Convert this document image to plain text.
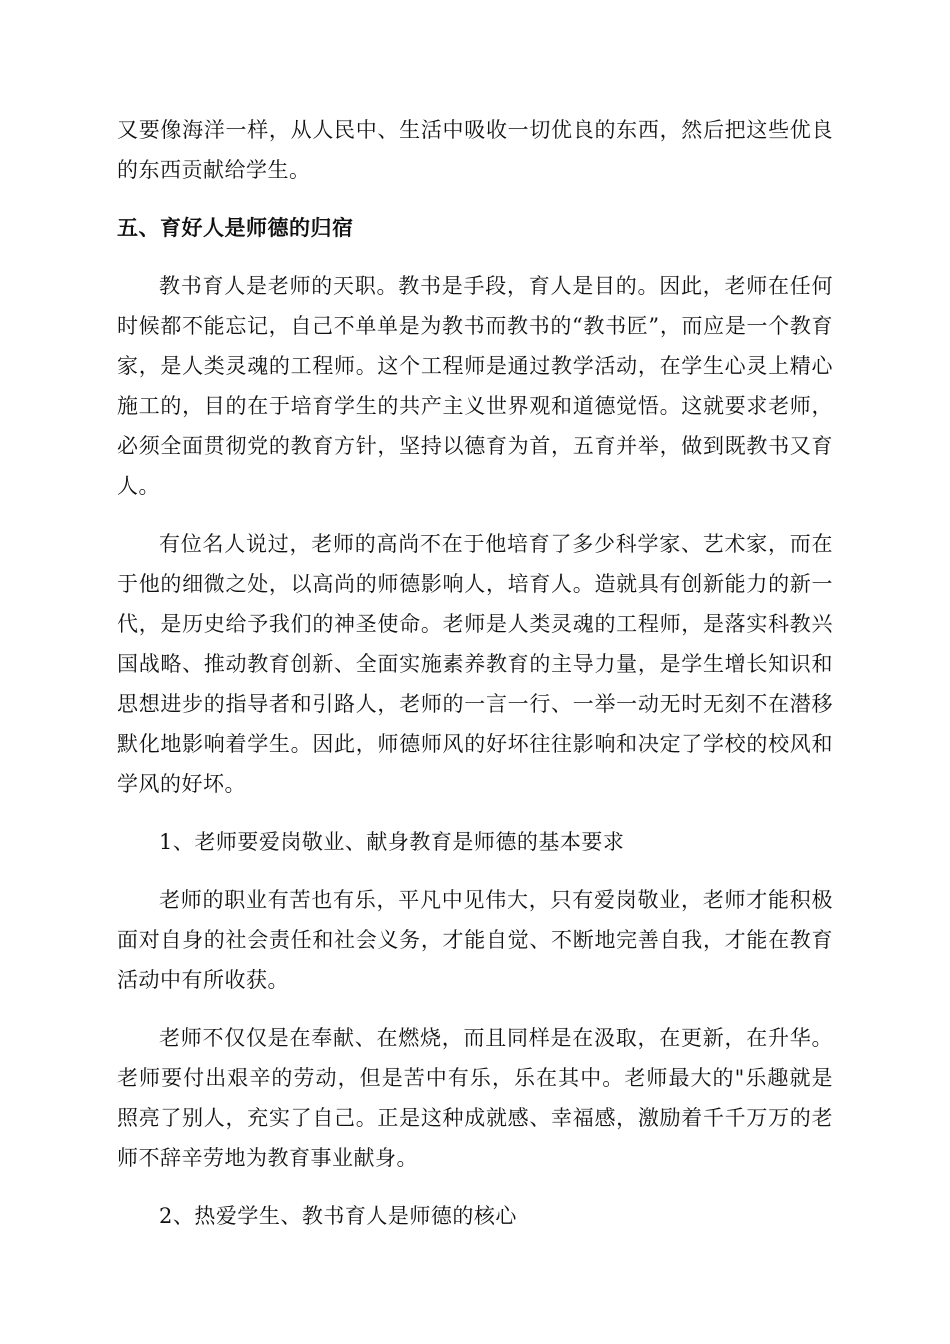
又要像海洋一样，从人民中、生活中吸收一切优良的东西，然后把这些优良的东西贡献给学生。

五、育好人是师德的归宿

教书育人是老师的天职。教书是手段，育人是目的。因此，老师在任何时候都不能忘记，自己不单单是为教书而教书的“教书匠”，而应是一个教育家，是人类灵魂的工程师。这个工程师是通过教学活动，在学生心灵上精心施工的，目的在于培育学生的共产主义世界观和道德觉悟。这就要求老师，必须全面贯彻党的教育方针，坚持以德育为首，五育并举，做到既教书又育人。

有位名人说过，老师的高尚不在于他培育了多少科学家、艺术家，而在于他的细微之处，以高尚的师德影响人，培育人。造就具有创新能力的新一代，是历史给予我们的神圣使命。老师是人类灵魂的工程师，是落实科教兴国战略、推动教育创新、全面实施素养教育的主导力量，是学生增长知识和思想进步的指导者和引路人，老师的一言一行、一举一动无时无刻不在潜移默化地影响着学生。因此，师德师风的好坏往往影响和决定了学校的校风和学风的好坏。

1、老师要爱岗敬业、献身教育是师德的基本要求

老师的职业有苦也有乐，平凡中见伟大，只有爱岗敬业，老师才能积极面对自身的社会责任和社会义务，才能自觉、不断地完善自我，才能在教育活动中有所收获。

老师不仅仅是在奉献、在燃烧，而且同样是在汲取，在更新，在升华。老师要付出艰辛的劳动，但是苦中有乐，乐在其中。老师最大的"乐趣就是照亮了别人，充实了自己。正是这种成就感、幸福感，激励着千千万万的老师不辞辛劳地为教育事业献身。

2、热爱学生、教书育人是师德的核心
